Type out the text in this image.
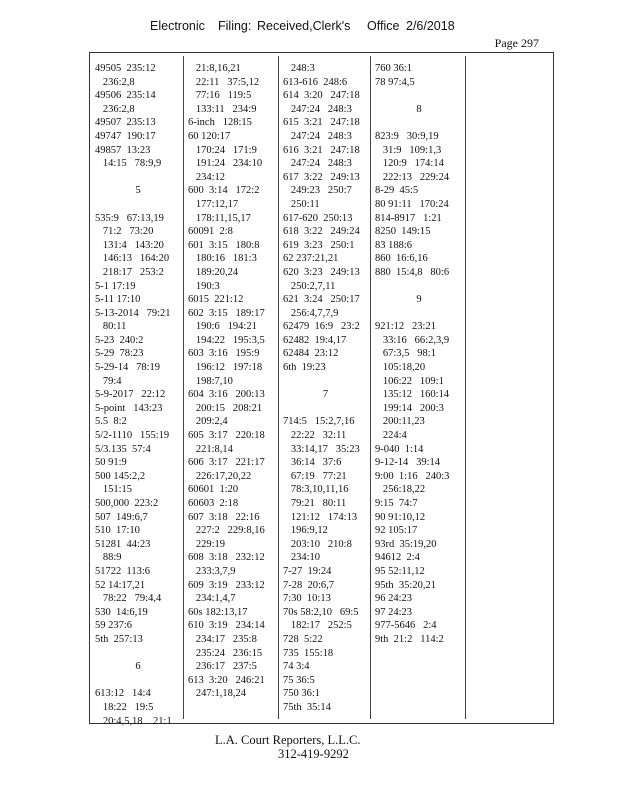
Electronic Filing: Received,Clerk's Office 2/6/2018
Page 297
49505  235:12
236:2,8
49506  235:14
236:2,8
49507  235:13
49747  190:17
49857  13:23
14:15   78:9,9
5
535:9   67:13,19
71:2   73:20
131:4   143:20
146:13   164:20
218:17   253:2
5-1 17:19
5-11 17:10
5-13-2014   79:21
80:11
5-23  240:2
5-29  78:23
5-29-14   78:19
79:4
5-9-2017   22:12
5-point   143:23
5.5  8:2
5/2-1110   155:19
5/3.135  57:4
50 91:9
500 145:2,2
151:15
500,000  223:2
507  149:6,7
510  17:10
51281  44:23
88:9
51722  113:6
52 14:17,21
78:22   79:4,4
530  14:6,19
59 237:6
5th  257:13
6
613:12   14:4
18:22   19:5
20:4,5,18    21:1
21:8,16,21
22:11   37:5,12
77:16   119:5
133:11   234:9
6-inch   128:15
60 120:17
170:24   171:9
191:24   234:10
234:12
600  3:14   172:2
177:12,17
178:11,15,17
60091  2:8
601  3:15   180:8
180:16   181:3
189:20,24
190:3
6015  221:12
602  3:15   189:17
190:6   194:21
194:22   195:3,5
603  3:16   195:9
196:12   197:18
198:7,10
604  3:16   200:13
200:15   208:21
209:2,4
605  3:17   220:18
221:8,14
606  3:17   221:17
226:17,20,22
60601  1:20
60603  2:18
607  3:18   22:16
227:2   229:8,16
229:19
608  3:18   232:12
233:3,7,9
609  3:19   233:12
234:1,4,7
60s 182:13,17
610  3:19   234:14
234:17   235:8
235:24   236:15
236:17   237:5
613  3:20   246:21
247:1,18,24
248:3
613-616  248:6
614  3:20   247:18
247:24   248:3
615  3:21   247:18
247:24   248:3
616  3:21   247:18
247:24   248:3
617  3:22   249:13
249:23   250:7
250:11
617-620  250:13
618  3:22   249:24
619  3:23   250:1
62 237:21,21
620  3:23   249:13
250:2,7,11
621  3:24   250:17
256:4,7,7,9
62479  16:9   23:2
62482  19:4,17
62484  23:12
6th  19:23
7
714:5   15:2,7,16
22:22   32:11
33:14,17   35:23
36:14   37:6
67:19   77:21
78:3,10,11,16
79:21   80:11
121:12   174:13
196:9,12
203:10   210:8
234:10
7-27  19:24
7-28  20:6,7
7:30  10:13
70s 58:2,10   69:5
182:17   252:5
728  5:22
735  155:18
74 3:4
75 36:5
750 36:1
75th  35:14
760 36:1
78 97:4,5
8
823:9   30:9,19
31:9   109:1,3
120:9   174:14
222:13   229:24
8-29  45:5
80 91:11   170:24
814-8917   1:21
8250  149:15
83 188:6
860  16:6,16
880  15:4,8   80:6
9
921:12   23:21
33:16   66:2,3,9
67:3,5   98:1
105:18,20
106:22   109:1
135:12   160:14
199:14   200:3
200:11,23
224:4
9-040  1:14
9-12-14   39:14
9:00  1:16   240:3
256:18,22
9:15  74:7
90 91:10,12
92 105:17
93rd  35:19,20
94612  2:4
95 52:11,12
95th  35:20,21
96 24:23
97 24:23
977-5646   2:4
9th  21:2   114:2
L.A. Court Reporters, L.L.C.
312-419-9292
